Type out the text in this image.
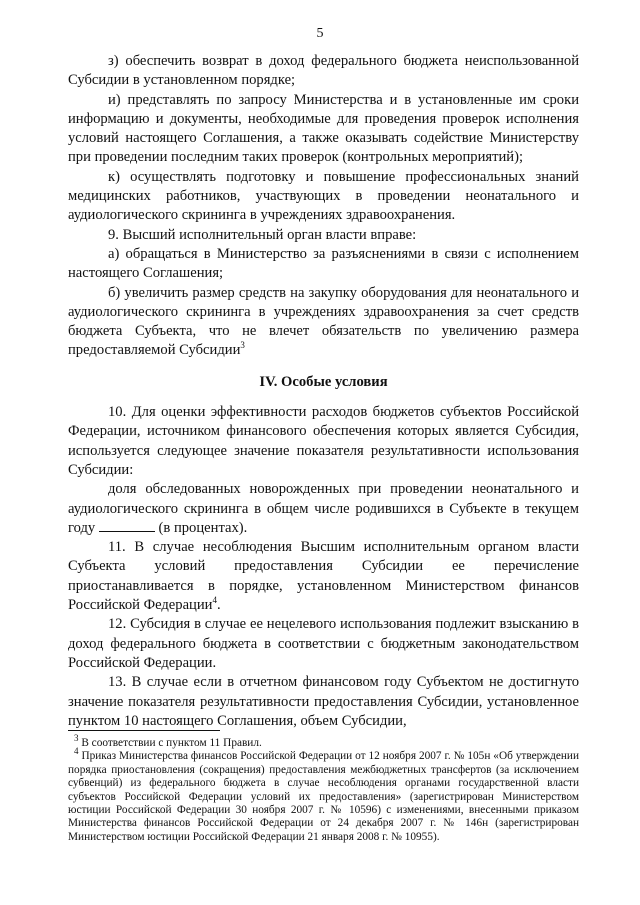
5

з) обеспечить возврат в доход федерального бюджета неиспользованной Субсидии в установленном порядке;

и) представлять по запросу Министерства и в установленные им сроки информацию и документы, необходимые для проведения проверок исполнения условий настоящего Соглашения, а также оказывать содействие Министерству при проведении последним таких проверок (контрольных мероприятий);

к) осуществлять подготовку и повышение профессиональных знаний медицинских работников, участвующих в проведении неонатального и аудиологического скрининга в учреждениях здравоохранения.

9. Высший исполнительный орган власти вправе:

а) обращаться в Министерство за разъяснениями в связи с исполнением настоящего Соглашения;

б) увеличить размер средств на закупку оборудования для неонатального и аудиологического скрининга в учреждениях здравоохранения за счет средств бюджета Субъекта, что не влечет обязательств по увеличению размера предоставляемой Субсидии$^3$

IV. Особые условия

10. Для оценки эффективности расходов бюджетов субъектов Российской Федерации, источником финансового обеспечения которых является Субсидия, используется следующее значение показателя результативности использования Субсидии:

доля обследованных новорожденных при проведении неонатального и аудиологического скрининга в общем числе родившихся в Субъекте в текущем году	(в процентах).

11. В случае несоблюдения Высшим исполнительным органом власти Субъекта условий предоставления Субсидии ее перечисление приостанавливается в порядке, установленном Министерством финансов Российской Федерации$^4$.

12. Субсидия в случае ее нецелевого использования подлежит взысканию в доход федерального бюджета в соответствии с бюджетным законодательством Российской Федерации.

13. В случае если в отчетном финансовом году Субъектом не достигнуто значение показателя результативности предоставления Субсидии, установленное пунктом 10 настоящего Соглашения, объем Субсидии,

$^3$ В соответствии с пунктом 11 Правил.

$^4$ Приказ Министерства финансов Российской Федерации от 12 ноября 2007 г. № 105н «Об утверждении порядка приостановления (сокращения) предоставления межбюджетных трансфертов (за исключением субвенций) из федерального бюджета в случае несоблюдения органами государственной власти субъектов Российской Федерации условий их предоставления» (зарегистрирован Министерством юстиции Российской Федерации 30 ноября 2007 г. № 10596) с изменениями, внесенными приказом Министерства финансов Российской Федерации от 24 декабря 2007 г. № 146н (зарегистрирован Министерством юстиции Российской Федерации 21 января 2008 г. № 10955).
